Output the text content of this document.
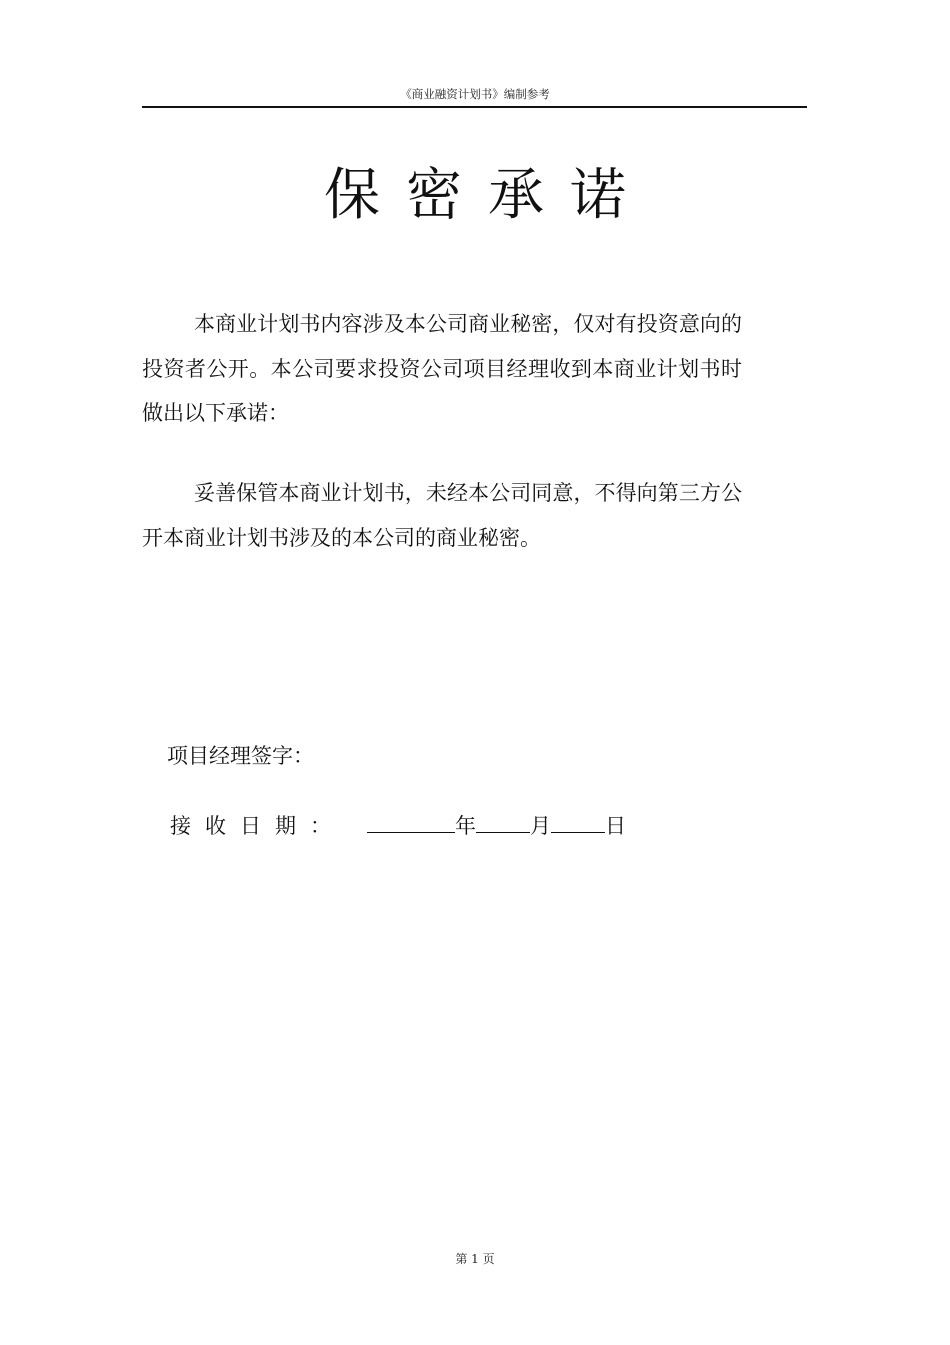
《商业融资计划书》编制参考
保密承诺

本商业计划书内容涉及本公司商业秘密，仅对有投资意向的投资者公开。本公司要求投资公司项目经理收到本商业计划书时做出以下承诺：

妥善保管本商业计划书，未经本公司同意，不得向第三方公开本商业计划书涉及的本公司的商业秘密。

项目经理签字：
接收日期：	年	月	日
第 1 页
